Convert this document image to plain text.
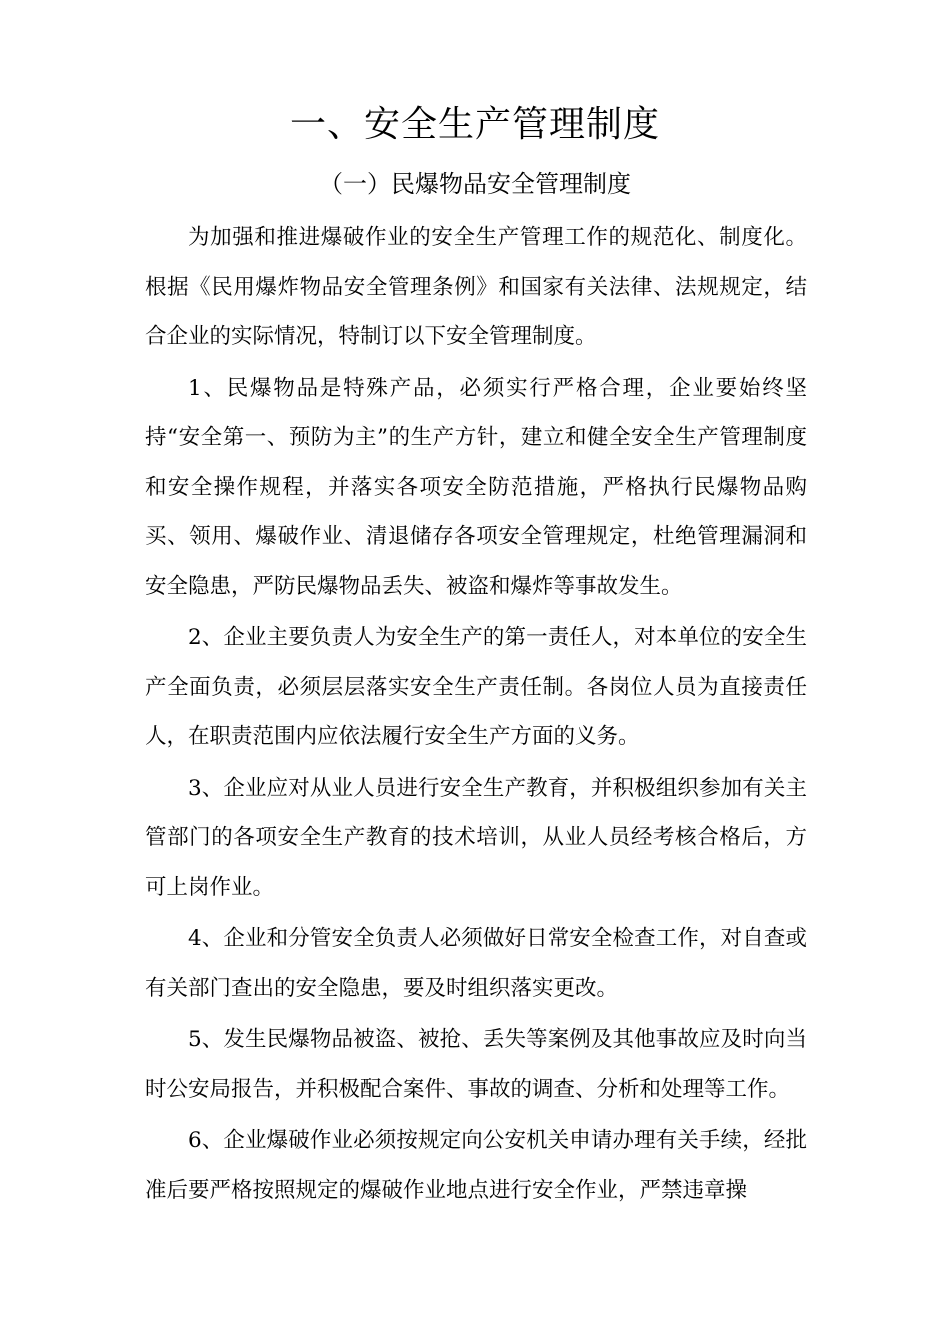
一、安全生产管理制度
（一）民爆物品安全管理制度

为加强和推进爆破作业的安全生产管理工作的规范化、制度化。根据《民用爆炸物品安全管理条例》和国家有关法律、法规规定，结合企业的实际情况，特制订以下安全管理制度。

1、民爆物品是特殊产品，必须实行严格合理，企业要始终坚持“安全第一、预防为主”的生产方针，建立和健全安全生产管理制度和安全操作规程，并落实各项安全防范措施，严格执行民爆物品购买、领用、爆破作业、清退储存各项安全管理规定，杜绝管理漏洞和安全隐患，严防民爆物品丢失、被盗和爆炸等事故发生。

2、企业主要负责人为安全生产的第一责任人，对本单位的安全生产全面负责，必须层层落实安全生产责任制。各岗位人员为直接责任人，在职责范围内应依法履行安全生产方面的义务。

3、企业应对从业人员进行安全生产教育，并积极组织参加有关主管部门的各项安全生产教育的技术培训，从业人员经考核合格后，方可上岗作业。

4、企业和分管安全负责人必须做好日常安全检查工作，对自查或有关部门查出的安全隐患，要及时组织落实更改。

5、发生民爆物品被盗、被抢、丢失等案例及其他事故应及时向当时公安局报告，并积极配合案件、事故的调查、分析和处理等工作。

6、企业爆破作业必须按规定向公安机关申请办理有关手续，经批准后要严格按照规定的爆破作业地点进行安全作业，严禁违章操
